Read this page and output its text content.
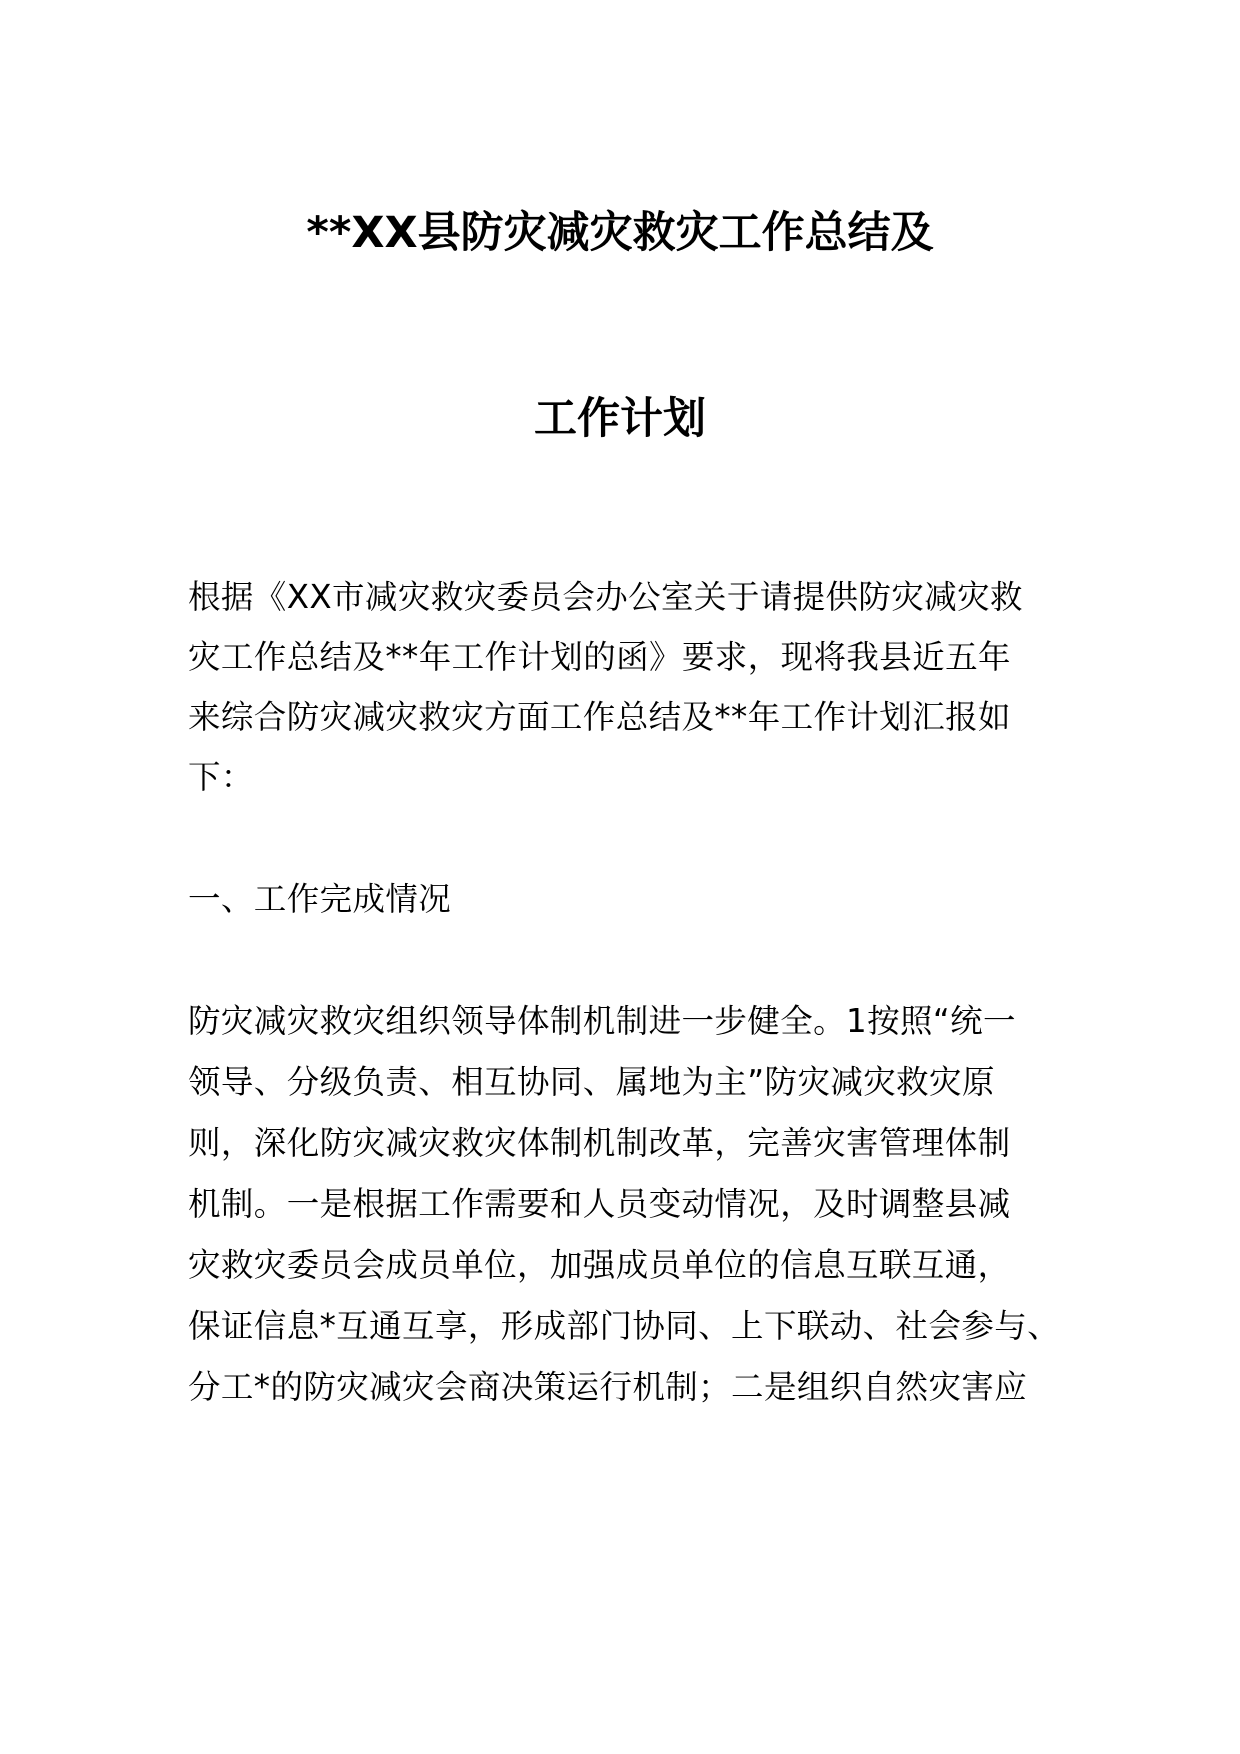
**XX县防灾减灾救灾工作总结及
工作计划
根据《XX市减灾救灾委员会办公室关于请提供防灾减灾救
灾工作总结及**年工作计划的函》要求，现将我县近五年
来综合防灾减灾救灾方面工作总结及**年工作计划汇报如
下：
一、工作完成情况
防灾减灾救灾组织领导体制机制进一步健全。1按照“统一
领导、分级负责、相互协同、属地为主”防灾减灾救灾原
则，深化防灾减灾救灾体制机制改革，完善灾害管理体制
机制。一是根据工作需要和人员变动情况，及时调整县减
灾救灾委员会成员单位，加强成员单位的信息互联互通，
保证信息*互通互享，形成部门协同、上下联动、社会参与、
分工*的防灾减灾会商决策运行机制；二是组织自然灾害应
